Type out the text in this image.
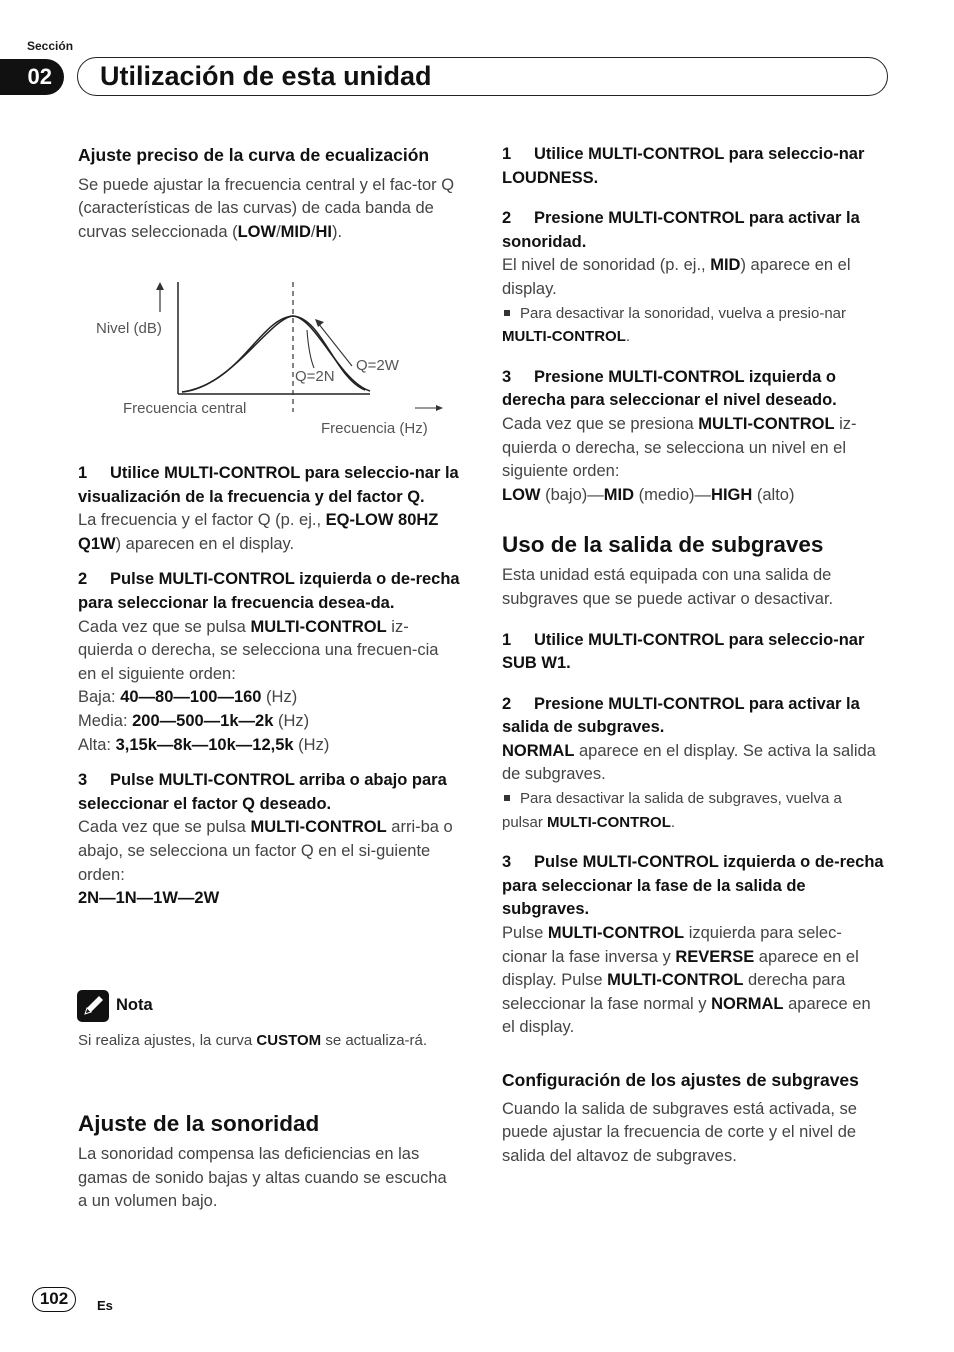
Sección
02	Utilización de esta unidad

Ajuste preciso de la curva de ecualización

Se puede ajustar la frecuencia central y el fac-tor Q (características de las curvas) de cada banda de curvas seleccionada (LOW/MID/HI).

Nivel (dB)
Q=2N
Q=2W
Frecuencia central
Frecuencia (Hz)

1 Utilice MULTI-CONTROL para seleccio-nar la visualización de la frecuencia y del factor Q.

La frecuencia y el factor Q (p. ej., EQ-LOW 80HZ Q1W) aparecen en el display.

2 Pulse MULTI-CONTROL izquierda o de-recha para seleccionar la frecuencia desea-da.

Cada vez que se pulsa MULTI-CONTROL iz-quierda o derecha, se selecciona una frecuen-cia en el siguiente orden:

Baja: 40—80—100—160 (Hz)

Media: 200—500—1k—2k (Hz)

Alta: 3,15k—8k—10k—12,5k (Hz)

3 Pulse MULTI-CONTROL arriba o abajo para seleccionar el factor Q deseado.

Cada vez que se pulsa MULTI-CONTROL arri-ba o abajo, se selecciona un factor Q en el si-guiente orden:

2N—1N—1W—2W

Nota

Si realiza ajustes, la curva CUSTOM se actualiza-rá.

Ajuste de la sonoridad

La sonoridad compensa las deficiencias en las gamas de sonido bajas y altas cuando se escucha a un volumen bajo.

1 Utilice MULTI-CONTROL para seleccio-nar LOUDNESS.

2 Presione MULTI-CONTROL para activar la sonoridad.

El nivel de sonoridad (p. ej., MID) aparece en el display.

Para desactivar la sonoridad, vuelva a presio-nar MULTI-CONTROL.

3 Presione MULTI-CONTROL izquierda o derecha para seleccionar el nivel deseado.

Cada vez que se presiona MULTI-CONTROL iz-quierda o derecha, se selecciona un nivel en el siguiente orden:

LOW (bajo)—MID (medio)—HIGH (alto)

Uso de la salida de subgraves

Esta unidad está equipada con una salida de subgraves que se puede activar o desactivar.

1 Utilice MULTI-CONTROL para seleccio-nar SUB W1.

2 Presione MULTI-CONTROL para activar la salida de subgraves.

NORMAL aparece en el display. Se activa la salida de subgraves.

Para desactivar la salida de subgraves, vuelva a pulsar MULTI-CONTROL.

3 Pulse MULTI-CONTROL izquierda o de-recha para seleccionar la fase de la salida de subgraves.

Pulse MULTI-CONTROL izquierda para selec-cionar la fase inversa y REVERSE aparece en el display. Pulse MULTI-CONTROL derecha para seleccionar la fase normal y NORMAL aparece en el display.

Configuración de los ajustes de subgraves

Cuando la salida de subgraves está activada, se puede ajustar la frecuencia de corte y el nivel de salida del altavoz de subgraves.

102	Es
